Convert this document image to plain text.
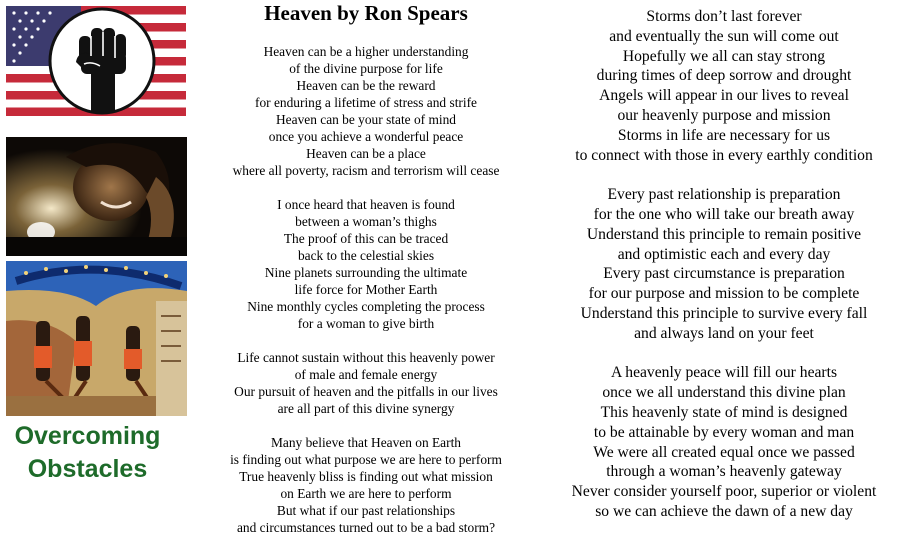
Overcoming
Obstacles
Heaven by Ron Spears
Heaven can be a higher understanding
of the divine purpose for life
Heaven can be the reward
for enduring a lifetime of stress and strife
Heaven can be your state of mind
once you achieve a wonderful peace
Heaven can be a place
where all poverty, racism and terrorism will cease
I once heard that heaven is found
between a woman’s thighs
The proof of this can be traced
back to the celestial skies
Nine planets surrounding the ultimate
life force for Mother Earth
Nine monthly cycles completing the process
for a woman to give birth
Life cannot sustain without this heavenly power
of male and female energy
Our pursuit of heaven and the pitfalls in our lives
are all part of this divine synergy
Many believe that Heaven on Earth
is finding out what purpose we are here to perform
True heavenly bliss is finding out what mission
on Earth we are here to perform
But what if our past relationships
and circumstances turned out to be a bad storm?
Storms don’t last forever
and eventually the sun will come out
Hopefully we all can stay strong
during times of deep sorrow and drought
Angels will appear in our lives to reveal
our heavenly purpose and mission
Storms in life are necessary for us
to connect with those in every earthly condition
Every past relationship is preparation
for the one who will take our breath away
Understand this principle to remain positive
and optimistic each and every day
Every past circumstance is preparation
for our purpose and mission to be complete
Understand this principle to survive every fall
and always land on your feet
A heavenly peace will fill our hearts
once we all understand this divine plan
This heavenly state of mind is designed
to be attainable by every woman and man
We were all created equal once we passed
through a woman’s heavenly gateway
Never consider yourself poor, superior or violent
so we can achieve the dawn of a new day
